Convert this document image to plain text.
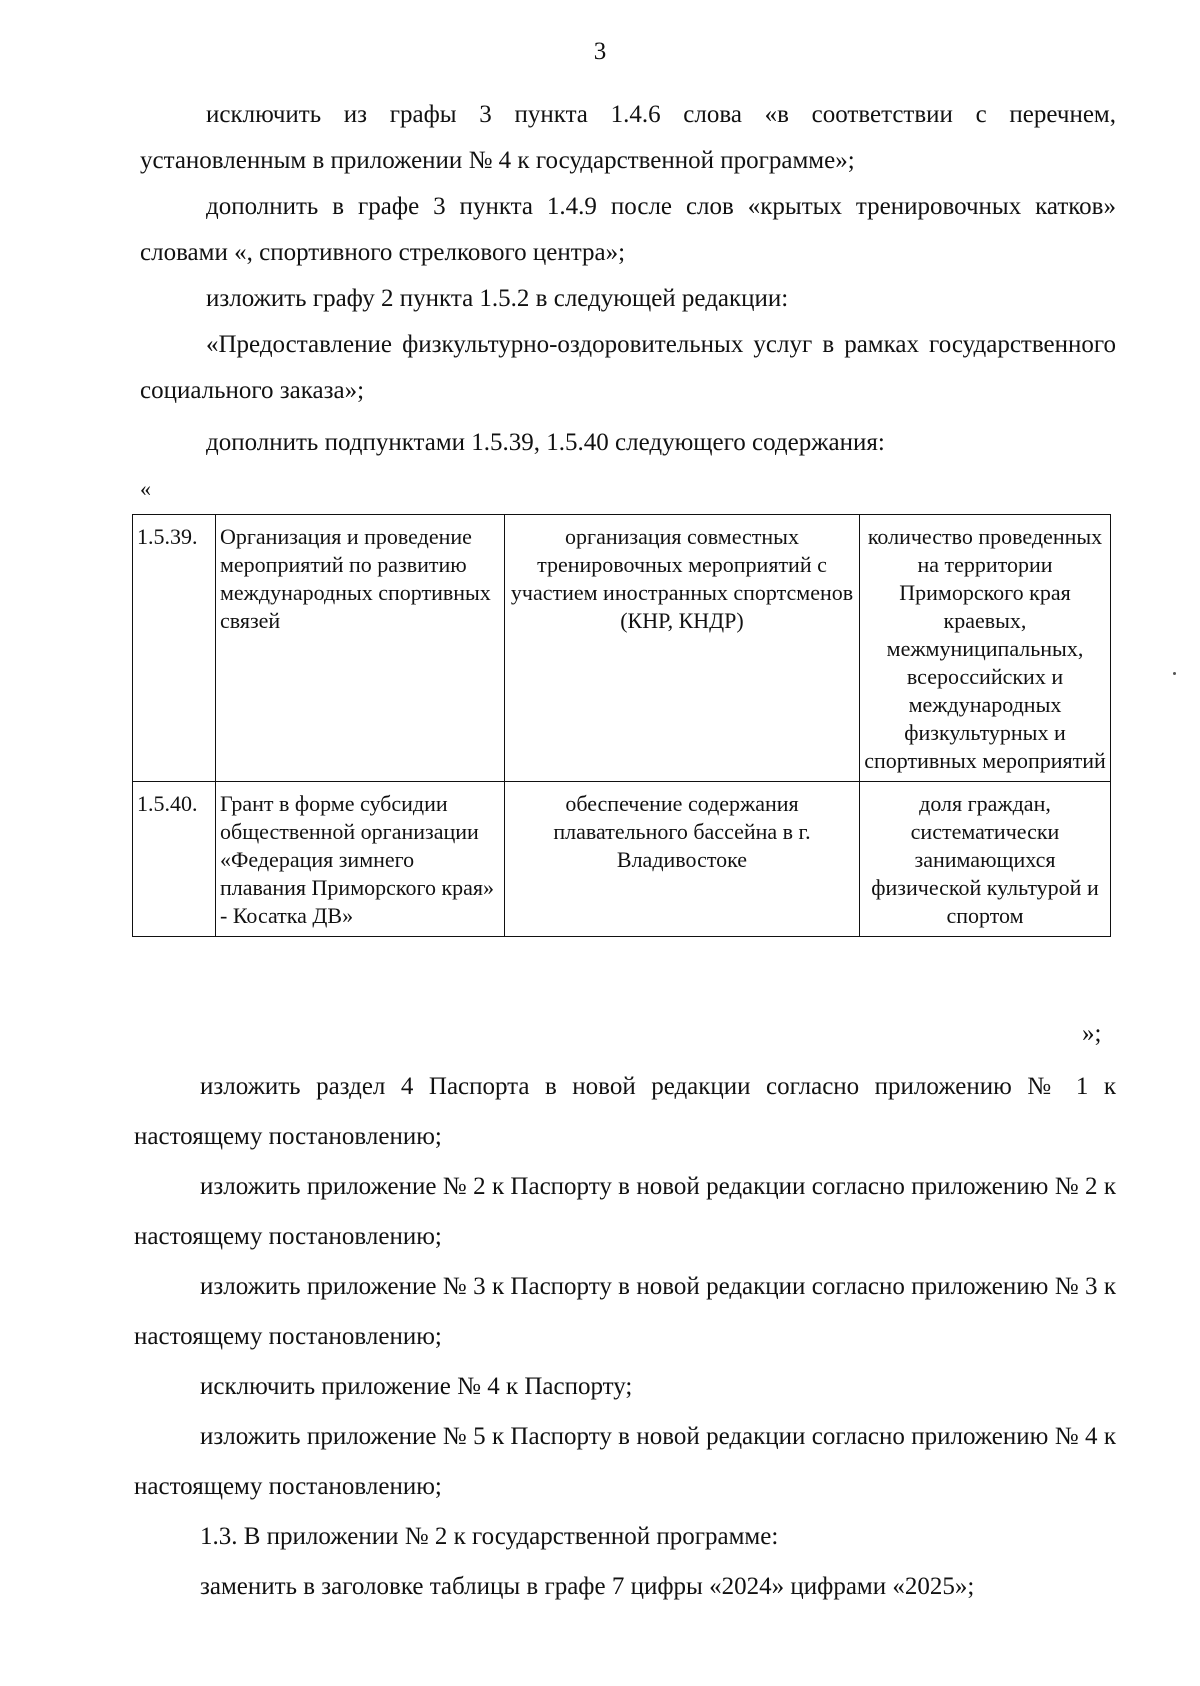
3

исключить из графы 3 пункта 1.4.6 слова «в соответствии с перечнем, установленным в приложении № 4 к государственной программе»;

дополнить в графе 3 пункта 1.4.9 после слов «крытых тренировочных катков» словами «, спортивного стрелкового центра»;

изложить графу 2 пункта 1.5.2 в следующей редакции:

«Предоставление физкультурно-оздоровительных услуг в рамках государственного социального заказа»;

дополнить подпунктами 1.5.39, 1.5.40 следующего содержания:

«
1.5.39.	Организация и проведение мероприятий по развитию международных спортивных связей	организация совместных тренировочных мероприятий с участием иностранных спортсменов (КНР, КНДР)	количество проведенных на территории Приморского края краевых, межмуниципальных, всероссийских и международных физкультурных и спортивных мероприятий
1.5.40.	Грант в форме субсидии общественной организации «Федерация зимнего плавания Приморского края» - Косатка ДВ»	обеспечение содержания плавательного бассейна в г. Владивостоке	доля граждан, систематически занимающихся физической культурой и спортом
»;

изложить раздел 4 Паспорта в новой редакции согласно приложению № 1 к настоящему постановлению;

изложить приложение № 2 к Паспорту в новой редакции согласно приложению № 2 к настоящему постановлению;

изложить приложение № 3 к Паспорту в новой редакции согласно приложению № 3 к настоящему постановлению;

исключить приложение № 4 к Паспорту;

изложить приложение № 5 к Паспорту в новой редакции согласно приложению № 4 к настоящему постановлению;

1.3. В приложении № 2 к государственной программе:

заменить в заголовке таблицы в графе 7 цифры «2024» цифрами «2025»;
